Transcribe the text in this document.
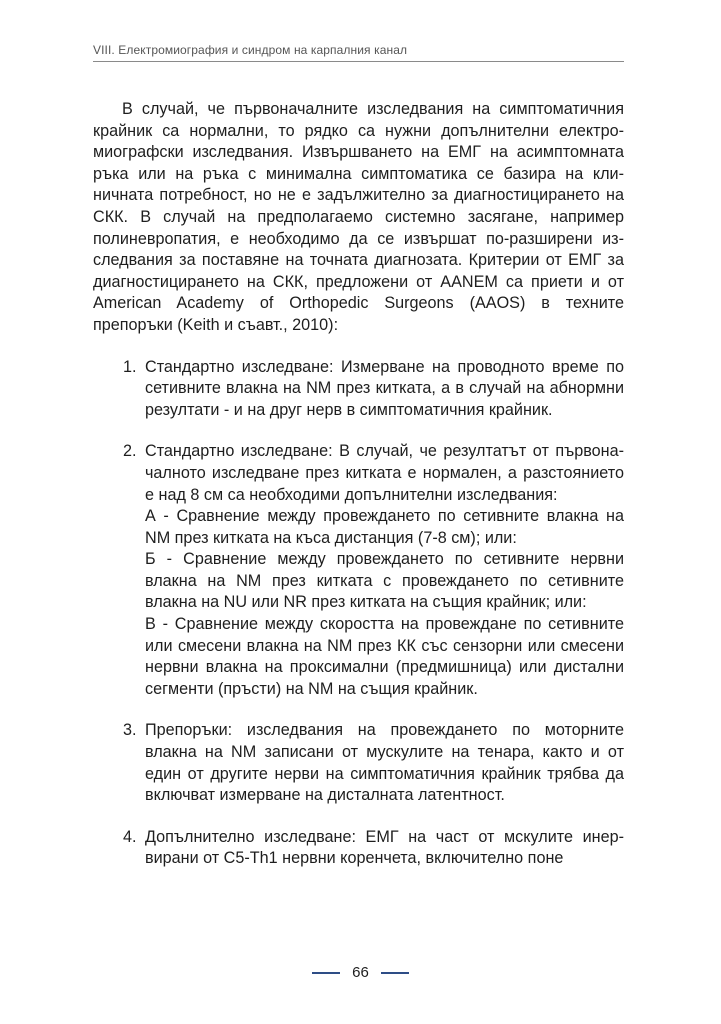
VIII. Електромиография и синдром на карпалния канал

В случай, че първоначалните изследвания на симптоматичния крайник са нормални, то рядко са нужни допълнителни електромиографски изследвания. Извършването на ЕМГ на асимптомната ръка или на ръка с минимална симптоматика се базира на клиничната потребност, но не е задължително за диагностицирането на СКК. В случай на предполагаемо системно засягане, например полиневропатия, е необходимо да се извършат по-разширени изследвания за поставяне на точната диагнозата. Критерии от ЕМГ за диагностицирането на СКК, предложени от AANEM са приети и от American Academy of Orthopedic Surgeons (AAOS) в техните препоръки (Keith и съавт., 2010):

1. Стандартно изследване: Измерване на проводното време по сетивните влакна на NM през китката, а в случай на абнормни резултати - и на друг нерв в симптоматичния крайник.

2. Стандартно изследване: В случай, че резултатът от първоначалното изследване през китката е нормален, а разстоянието е над 8 см са необходими допълнителни изследвания:

А - Сравнение между провеждането по сетивните влакна на NM през китката на къса дистанция (7-8 см); или:

Б - Сравнение между провеждането по сетивните нервни влакна на NM през китката с провеждането по сетивните влакна на NU или NR през китката на същия крайник; или:

В - Сравнение между скоростта на провеждане по сетивните или смесени влакна на NM през КК със сензорни или смесени нервни влакна на проксимални (предмишница) или дистални сегменти (пръсти) на NM на същия крайник.

3. Препоръки: изследвания на провеждането по моторните влакна на NM записани от мускулите на тенара, както и от един от другите нерви на симптоматичния крайник трябва да включват измерване на дисталната латентност.

4. Допълнително изследване: ЕМГ на част от мскулите инервирани от C5-Th1 нервни коренчета, включително поне

66
